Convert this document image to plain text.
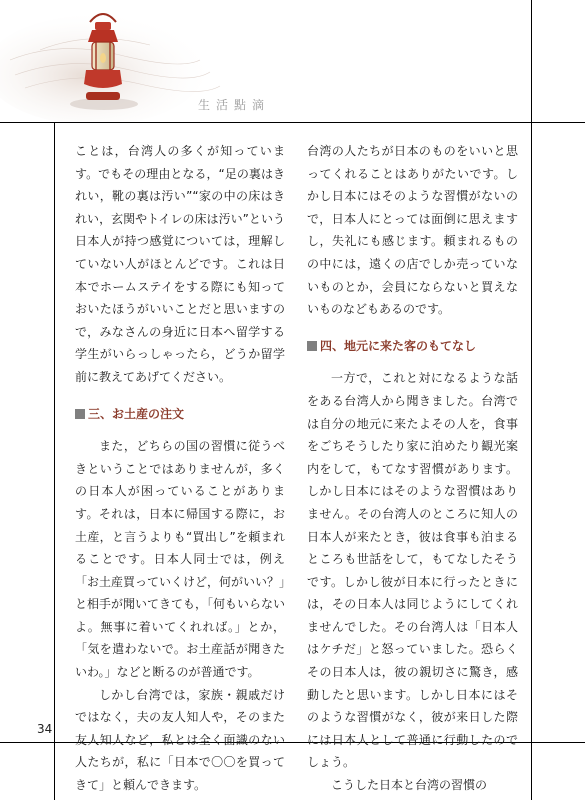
生活點滴

ことは，台湾人の多くが知っています。でもその理由となる，“足の裏はきれい，靴の裏は汚い”“家の中の床はきれい，玄関やトイレの床は汚い”という日本人が持つ感覚については，理解していない人がほとんどです。これは日本でホームステイをする際にも知っておいたほうがいいことだと思いますので，みなさんの身近に日本へ留学する学生がいらっしゃったら，どうか留学前に教えてあげてください。

三、お土産の注文

また，どちらの国の習慣に従うべきということではありませんが，多くの日本人が困っていることがあります。それは，日本に帰国する際に，お土産，と言うよりも“買出し”を頼まれることです。日本人同士では，例え「お土産買っていくけど，何がいい？」と相手が聞いてきても，「何もいらないよ。無事に着いてくれれば。」とか，「気を遣わないで。お土産話が聞きたいわ。」などと断るのが普通です。

しかし台湾では，家族・親戚だけではなく，夫の友人知人や，そのまた友人知人など，私とは全く面識のない人たちが，私に「日本で〇〇を買ってきて」と頼んできます。

台湾の人たちが日本のものをいいと思ってくれることはありがたいです。しかし日本にはそのような習慣がないので，日本人にとっては面倒に思えますし，失礼にも感じます。頼まれるものの中には，遠くの店でしか売っていないものとか，会員にならないと買えないものなどもあるのです。

四、地元に来た客のもてなし

一方で，これと対になるような話をある台湾人から聞きました。台湾では自分の地元に来たよその人を，食事をごちそうしたり家に泊めたり観光案内をして，もてなす習慣があります。しかし日本にはそのような習慣はありません。その台湾人のところに知人の日本人が来たとき，彼は食事も泊まるところも世話をして，もてなしたそうです。しかし彼が日本に行ったときには，その日本人は同じようにしてくれませんでした。その台湾人は「日本人はケチだ」と怒っていました。恐らくその日本人は，彼の親切さに驚き，感動したと思います。しかし日本にはそのような習慣がなく，彼が来日した際には日本人として普通に行動したのでしょう。

こうした日本と台湾の習慣の

34
